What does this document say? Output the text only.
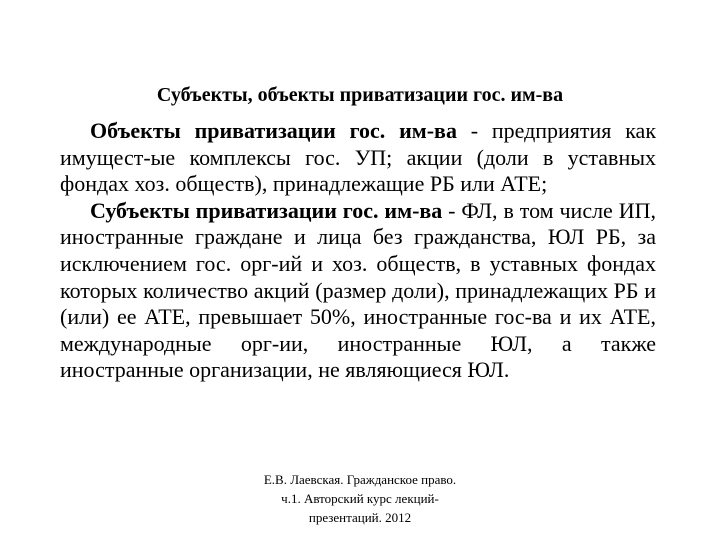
Субъекты, объекты приватизации гос. им-ва

Объекты приватизации гос. им-ва - предприятия как имущест-ые комплексы гос. УП; акции (доли в уставных фондах хоз. обществ), принадлежащие РБ или АТЕ;

Субъекты приватизации гос. им-ва - ФЛ, в том числе ИП, иностранные граждане и лица без гражданства, ЮЛ РБ, за исключением гос. орг-ий и хоз. обществ, в уставных фондах которых количество акций (размер доли), принадлежащих РБ и (или) ее АТЕ, превышает 50%, иностранные гос-ва и их АТЕ, международные орг-ии, иностранные ЮЛ, а также иностранные организации, не являющиеся ЮЛ.

Е.В. Лаевская. Гражданское право.
ч.1. Авторский курс лекций-
презентаций. 2012
